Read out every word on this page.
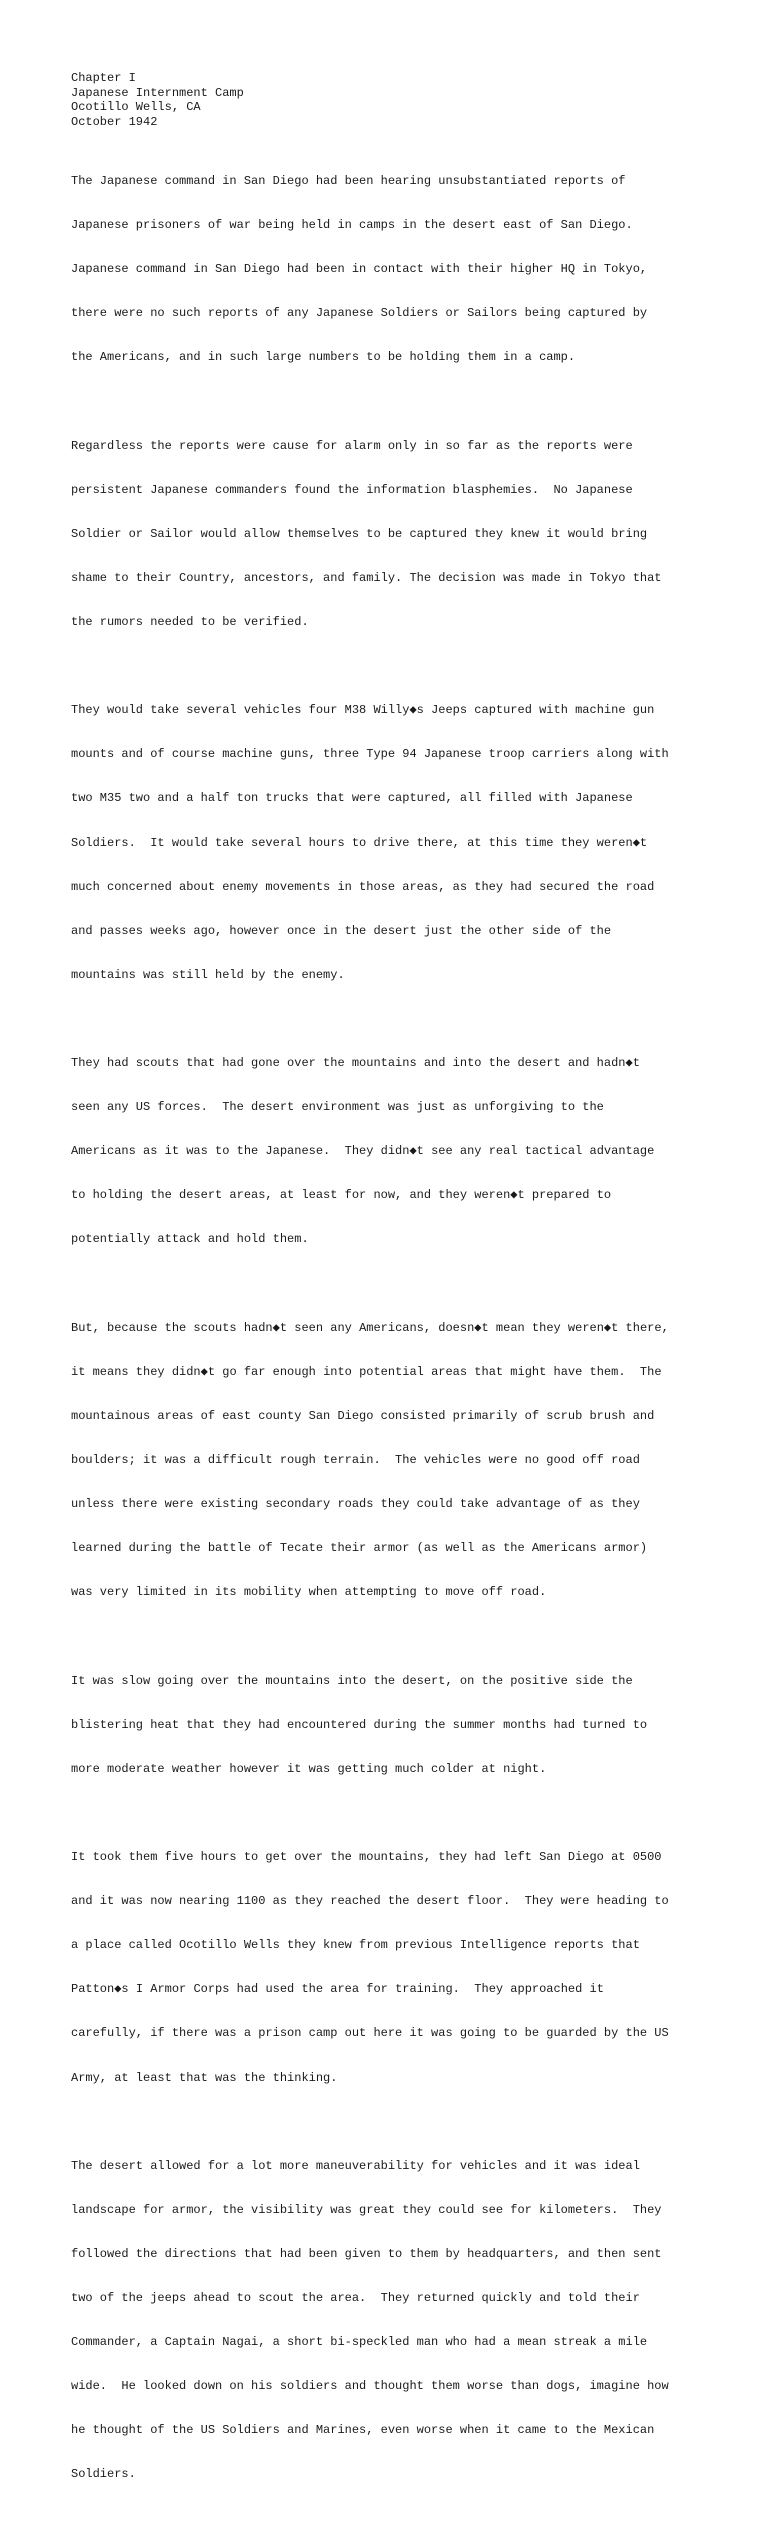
Chapter I
Japanese Internment Camp
Ocotillo Wells, CA
October 1942

The Japanese command in San Diego had been hearing unsubstantiated reports of

Japanese prisoners of war being held in camps in the desert east of San Diego.

Japanese command in San Diego had been in contact with their higher HQ in Tokyo,

there were no such reports of any Japanese Soldiers or Sailors being captured by

the Americans, and in such large numbers to be holding them in a camp.

Regardless the reports were cause for alarm only in so far as the reports were

persistent Japanese commanders found the information blasphemies.  No Japanese

Soldier or Sailor would allow themselves to be captured they knew it would bring

shame to their Country, ancestors, and family. The decision was made in Tokyo that

the rumors needed to be verified.

They would take several vehicles four M38 Willy◆s Jeeps captured with machine gun

mounts and of course machine guns, three Type 94 Japanese troop carriers along with

two M35 two and a half ton trucks that were captured, all filled with Japanese

Soldiers.  It would take several hours to drive there, at this time they weren◆t

much concerned about enemy movements in those areas, as they had secured the road

and passes weeks ago, however once in the desert just the other side of the

mountains was still held by the enemy.

They had scouts that had gone over the mountains and into the desert and hadn◆t

seen any US forces.  The desert environment was just as unforgiving to the

Americans as it was to the Japanese.  They didn◆t see any real tactical advantage

to holding the desert areas, at least for now, and they weren◆t prepared to

potentially attack and hold them.

But, because the scouts hadn◆t seen any Americans, doesn◆t mean they weren◆t there,

it means they didn◆t go far enough into potential areas that might have them.  The

mountainous areas of east county San Diego consisted primarily of scrub brush and

boulders; it was a difficult rough terrain.  The vehicles were no good off road

unless there were existing secondary roads they could take advantage of as they

learned during the battle of Tecate their armor (as well as the Americans armor)

was very limited in its mobility when attempting to move off road.

It was slow going over the mountains into the desert, on the positive side the

blistering heat that they had encountered during the summer months had turned to

more moderate weather however it was getting much colder at night.

It took them five hours to get over the mountains, they had left San Diego at 0500

and it was now nearing 1100 as they reached the desert floor.  They were heading to

a place called Ocotillo Wells they knew from previous Intelligence reports that

Patton◆s I Armor Corps had used the area for training.  They approached it

carefully, if there was a prison camp out here it was going to be guarded by the US

Army, at least that was the thinking.

The desert allowed for a lot more maneuverability for vehicles and it was ideal

landscape for armor, the visibility was great they could see for kilometers.  They

followed the directions that had been given to them by headquarters, and then sent

two of the jeeps ahead to scout the area.  They returned quickly and told their

Commander, a Captain Nagai, a short bi-speckled man who had a mean streak a mile

wide.  He looked down on his soldiers and thought them worse than dogs, imagine how

he thought of the US Soldiers and Marines, even worse when it came to the Mexican

Soldiers.
